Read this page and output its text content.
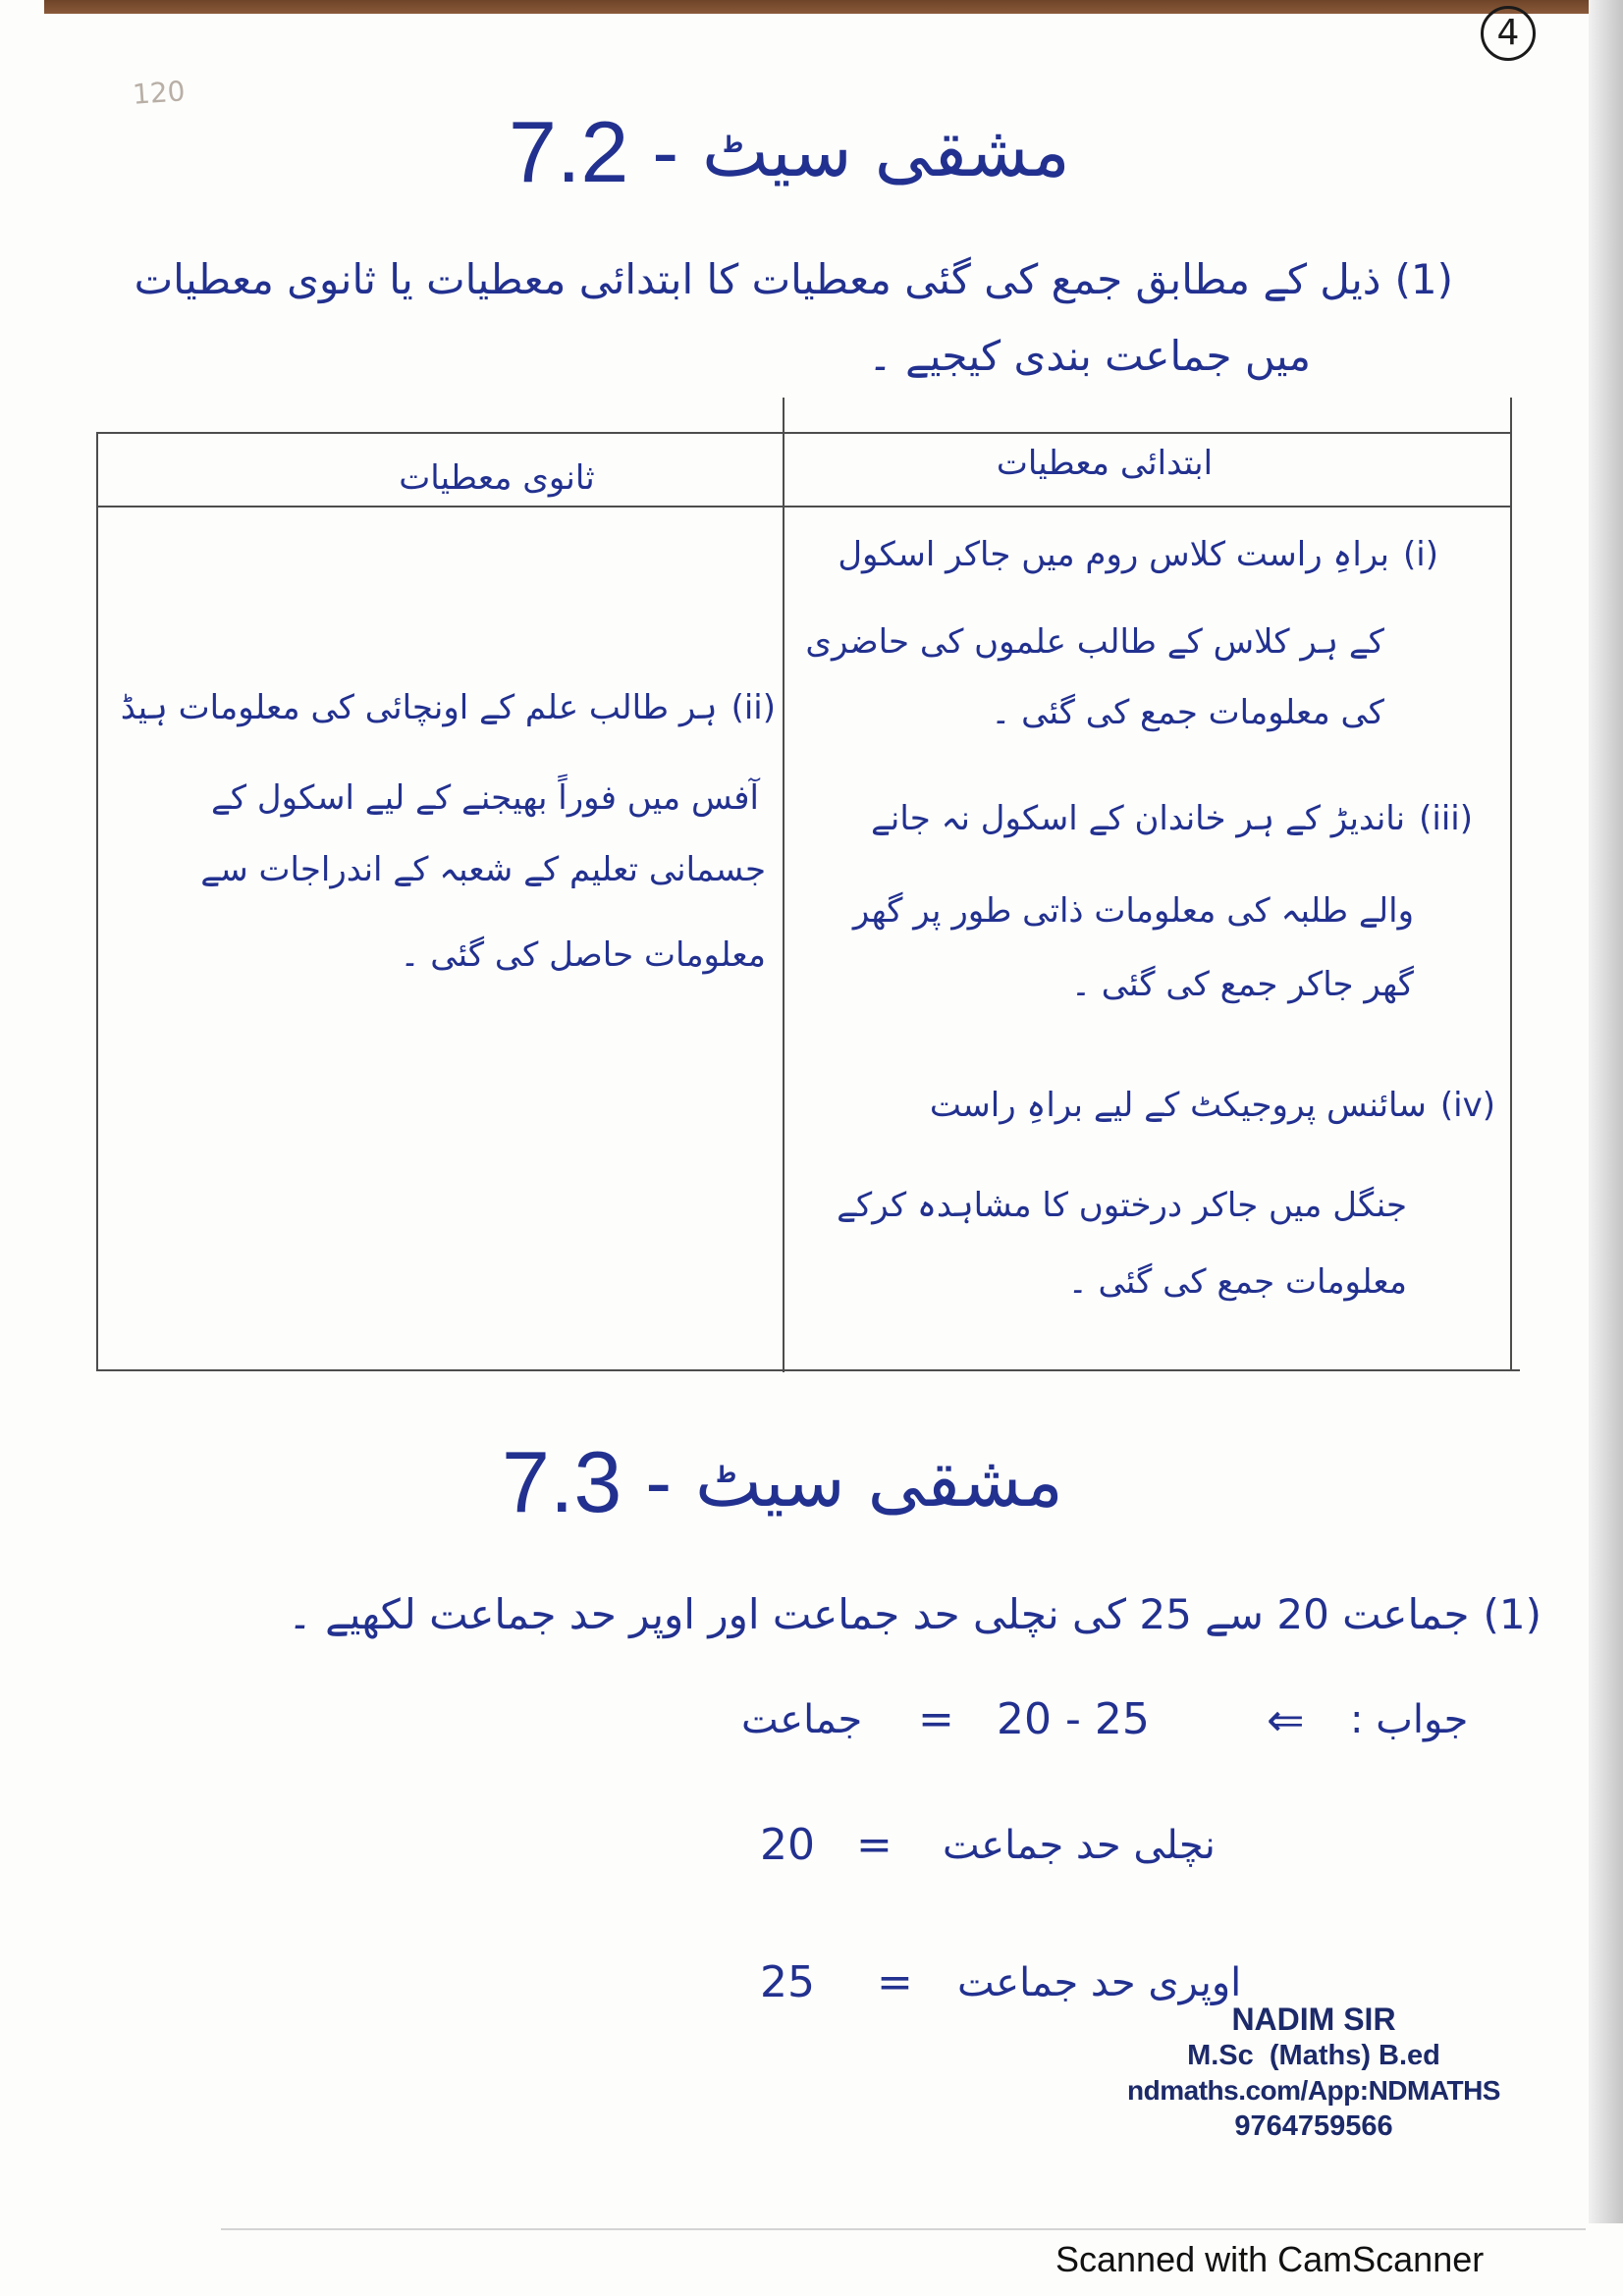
4
120
7.2 - مشقی سیٹ
(1)ذیل کے مطابق جمع کی گئی معطیات کا ابتدائی معطیات یا ثانوی معطیات
میں جماعت بندی کیجیے ۔
ثانوی معطیات	ابتدائی معطیات
(i)براہِ راست کلاس روم میں جاکر اسکول
کے ہر کلاس کے طالب علموں کی حاضری
کی معلومات جمع کی گئی ۔
(iii)ناندیڑ کے ہر خاندان کے اسکول نہ جانے
والے طلبہ کی معلومات ذاتی طور پر گھر
گھر جاکر جمع کی گئی ۔
(iv)سائنس پروجیکٹ کے لیے براہِ راست
جنگل میں جاکر درختوں کا مشاہدہ کرکے
معلومات جمع کی گئی ۔
(ii)ہر طالب علم کے اونچائی کی معلومات ہیڈ
آفس میں فوراً بھیجنے کے لیے اسکول کے
جسمانی تعلیم کے شعبہ کے اندراجات سے
معلومات حاصل کی گئی ۔
7.3 - مشقی سیٹ
(1)جماعت 20 سے 25 کی نچلی حد جماعت اور اوپر حد جماعت لکھیے ۔
جواب :
⇐
20 - 25
=
جماعت
نچلی حد جماعت
=
20
اوپری حد جماعت
=
25
NADIM SIR
M.Sc  (Maths) B.ed
ndmaths.com/App:NDMATHS
9764759566
Scanned with CamScanner
